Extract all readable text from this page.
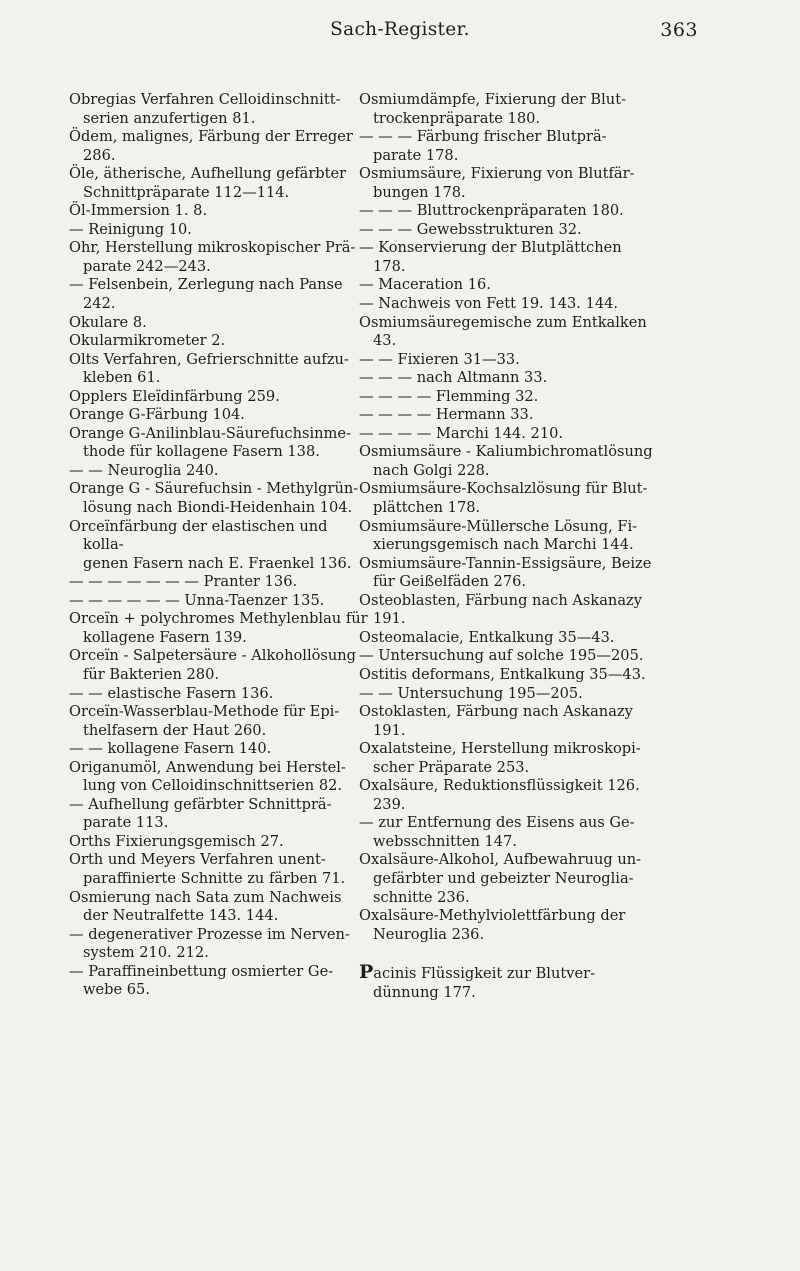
Sach-Register.	363

Obregias Verfahren Celloidinschnitt-
serien anzufertigen 81.

Ödem, malignes, Färbung der Erreger
286.

Öle, ätherische, Aufhellung gefärbter
Schnittpräparate 112—114.

Öl-Immersion 1. 8.

— Reinigung 10.

Ohr, Herstellung mikroskopischer Prä-
parate 242—243.

— Felsenbein, Zerlegung nach Panse
242.

Okulare 8.

Okularmikrometer 2.

Olts Verfahren, Gefrierschnitte aufzu-
kleben 61.

Opplers Eleïdinfärbung 259.

Orange G-Färbung 104.

Orange G-Anilinblau-Säurefuchsinme-
thode für kollagene Fasern 138.

— — Neuroglia 240.

Orange G - Säurefuchsin - Methylgrün-
lösung nach Biondi-Heidenhain 104.

Orceïnfärbung der elastischen und kolla-
genen Fasern nach E. Fraenkel 136.

— — — — — — — Pranter 136.

— — — — — — Unna-Taenzer 135.

Orceïn + polychromes Methylenblau für
kollagene Fasern 139.

Orceïn - Salpetersäure - Alkohollösung
für Bakterien 280.

— — elastische Fasern 136.

Orceïn-Wasserblau-Methode für Epi-
thelfasern der Haut 260.

— — kollagene Fasern 140.

Origanumöl, Anwendung bei Herstel-
lung von Celloidinschnittserien 82.

— Aufhellung gefärbter Schnittprä-
parate 113.

Orths Fixierungsgemisch 27.

Orth und Meyers Verfahren unent-
paraffinierte Schnitte zu färben 71.

Osmierung nach Sata zum Nachweis
der Neutralfette 143. 144.

— degenerativer Prozesse im Nerven-
system 210. 212.

— Paraffineinbettung osmierter Ge-
webe 65.

Osmiumdämpfe, Fixierung der Blut-
trockenpräparate 180.

— — — Färbung frischer Blutprä-
parate 178.

Osmiumsäure, Fixierung von Blutfär-
bungen 178.

— — — Bluttrockenpräparaten 180.

— — — Gewebsstrukturen 32.

— Konservierung der Blutplättchen
178.

— Maceration 16.

— Nachweis von Fett 19. 143. 144.

Osmiumsäuregemische zum Entkalken
43.

— — Fixieren 31—33.

— — — nach Altmann 33.

— — — — Flemming 32.

— — — — Hermann 33.

— — — — Marchi 144. 210.

Osmiumsäure - Kaliumbichromatlösung
nach Golgi 228.

Osmiumsäure-Kochsalzlösung für Blut-
plättchen 178.

Osmiumsäure-Müllersche Lösung, Fi-
xierungsgemisch nach Marchi 144.

Osmiumsäure-Tannin-Essigsäure, Beize
für Geißelfäden 276.

Osteoblasten, Färbung nach Askanazy
191.

Osteomalacie, Entkalkung 35—43.

— Untersuchung auf solche 195—205.

Ostitis deformans, Entkalkung 35—43.

— — Untersuchung 195—205.

Ostoklasten, Färbung nach Askanazy
191.

Oxalatsteine, Herstellung mikroskopi-
scher Präparate 253.

Oxalsäure, Reduktionsflüssigkeit 126.
239.

— zur Entfernung des Eisens aus Ge-
websschnitten 147.

Oxalsäure-Alkohol, Aufbewahruug un-
gefärbter und gebeizter Neuroglia-
schnitte 236.

Oxalsäure-Methylviolettfärbung der
Neuroglia 236.

Pacinis Flüssigkeit zur Blutver-
dünnung 177.
